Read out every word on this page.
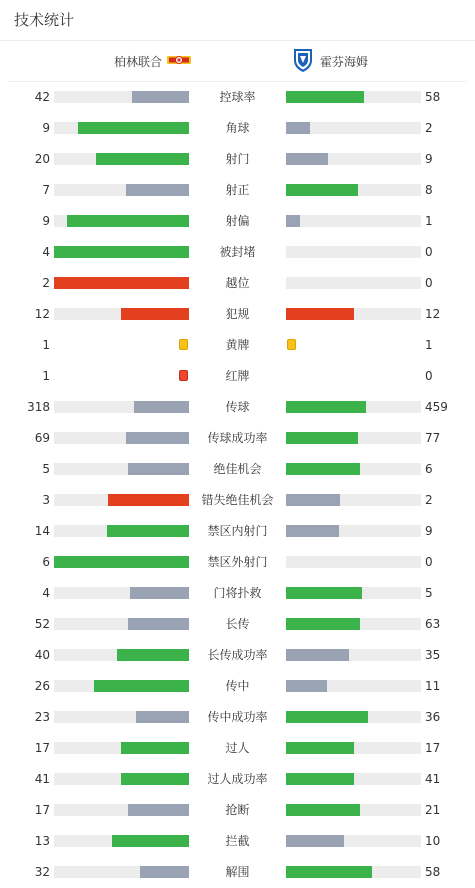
技术统计
柏林联合	霍芬海姆
42	控球率	58
9	角球	2
20	射门	9
7	射正	8
9	射偏	1
4	被封堵	0
2	越位	0
12	犯规	12
1	黄牌	1
1	红牌	0
318	传球	459
69	传球成功率	77
5	绝佳机会	6
3	错失绝佳机会	2
14	禁区内射门	9
6	禁区外射门	0
4	门将扑救	5
52	长传	63
40	长传成功率	35
26	传中	11
23	传中成功率	36
17	过人	17
41	过人成功率	41
17	抢断	21
13	拦截	10
32	解围	58
